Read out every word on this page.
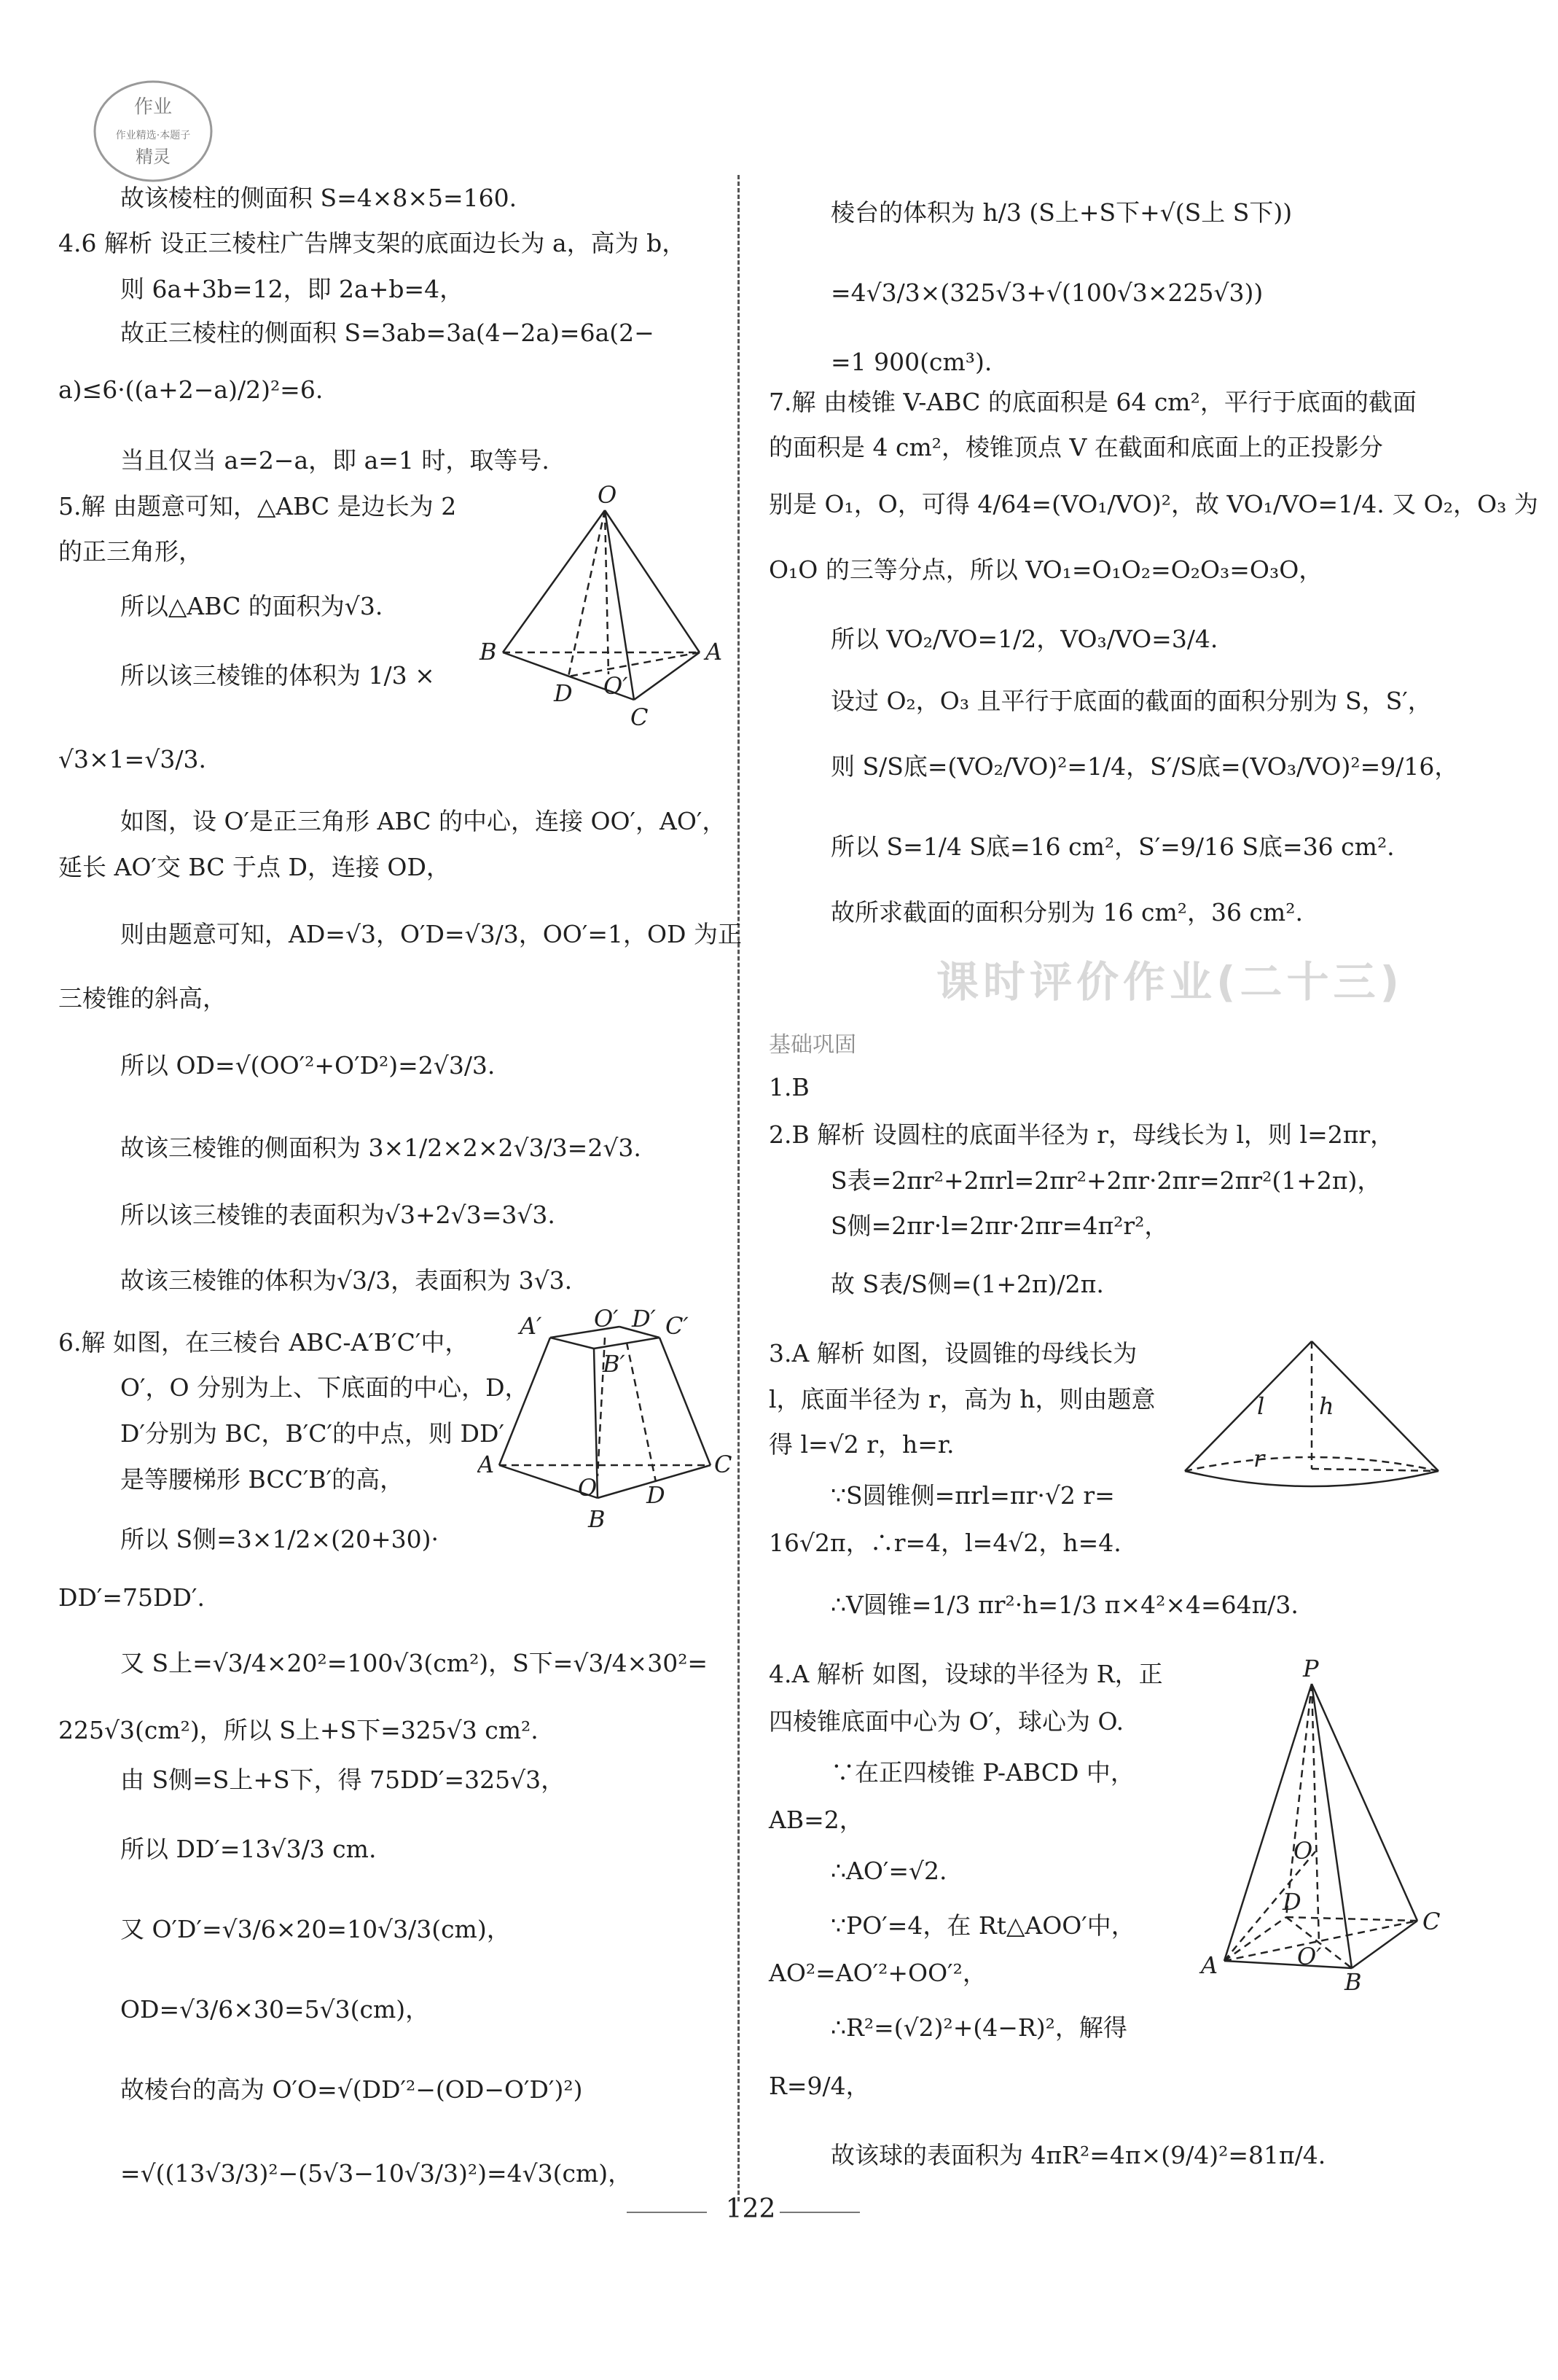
作业
作业精选·本题子
精灵
故该棱柱的侧面积 S=4×8×5=160.
4.6 解析 设正三棱柱广告牌支架的底面边长为 a，高为 b，
则 6a+3b=12，即 2a+b=4，
故正三棱柱的侧面积 S=3ab=3a(4−2a)=6a(2−
a)≤6·((a+2−a)/2)²=6.
当且仅当 a=2−a，即 a=1 时，取等号.
5.解 由题意可知，△ABC 是边长为 2
的正三角形，
所以△ABC 的面积为√3.
所以该三棱锥的体积为 1/3 ×
√3×1=√3/3.
如图，设 O′是正三角形 ABC 的中心，连接 OO′，AO′，
延长 AO′交 BC 于点 D，连接 OD，
则由题意可知，AD=√3，O′D=√3/3，OO′=1，OD 为正
三棱锥的斜高，
所以 OD=√(OO′²+O′D²)=2√3/3.
故该三棱锥的侧面积为 3×1/2×2×2√3/3=2√3.
所以该三棱锥的表面积为√3+2√3=3√3.
故该三棱锥的体积为√3/3，表面积为 3√3.
6.解 如图，在三棱台 ABC-A′B′C′中，
O′，O 分别为上、下底面的中心，D，
D′分别为 BC，B′C′的中点，则 DD′
是等腰梯形 BCC′B′的高，
所以 S侧=3×1/2×(20+30)·
DD′=75DD′.
又 S上=√3/4×20²=100√3(cm²)，S下=√3/4×30²=
225√3(cm²)，所以 S上+S下=325√3 cm².
由 S侧=S上+S下，得 75DD′=325√3，
所以 DD′=13√3/3 cm.
又 O′D′=√3/6×20=10√3/3(cm)，
OD=√3/6×30=5√3(cm)，
故棱台的高为 O′O=√(DD′²−(OD−O′D′)²)
=√((13√3/3)²−(5√3−10√3/3)²)=4√3(cm)，
O
B	A
D O′
C
A′ O′ D′ C′
B′
A
O
C
D
B
棱台的体积为 h/3 (S上+S下+√(S上 S下))
=4√3/3×(325√3+√(100√3×225√3))
=1 900(cm³).
7.解 由棱锥 V-ABC 的底面积是 64 cm²，平行于底面的截面
的面积是 4 cm²，棱锥顶点 V 在截面和底面上的正投影分
别是 O₁，O，可得 4/64=(VO₁/VO)²，故 VO₁/VO=1/4. 又 O₂，O₃ 为
O₁O 的三等分点，所以 VO₁=O₁O₂=O₂O₃=O₃O，
所以 VO₂/VO=1/2，VO₃/VO=3/4.
设过 O₂，O₃ 且平行于底面的截面的面积分别为 S，S′，
则 S/S底=(VO₂/VO)²=1/4，S′/S底=(VO₃/VO)²=9/16，
所以 S=1/4 S底=16 cm²，S′=9/16 S底=36 cm².
故所求截面的面积分别为 16 cm²，36 cm².
课时评价作业(二十三)
基础巩固
1.B
2.B 解析 设圆柱的底面半径为 r，母线长为 l，则 l=2πr，
S表=2πr²+2πrl=2πr²+2πr·2πr=2πr²(1+2π)，
S侧=2πr·l=2πr·2πr=4π²r²，
故 S表/S侧=(1+2π)/2π.
3.A 解析 如图，设圆锥的母线长为
l，底面半径为 r，高为 h，则由题意
得 l=√2 r，h=r.
∵S圆锥侧=πrl=πr·√2 r=
16√2π，∴r=4，l=4√2，h=4.
∴V圆锥=1/3 πr²·h=1/3 π×4²×4=64π/3.
4.A 解析 如图，设球的半径为 R，正
四棱锥底面中心为 O′，球心为 O.
∵在正四棱锥 P-ABCD 中，
AB=2，
∴AO′=√2.
∵PO′=4，在 Rt△AOO′中，
AO²=AO′²+OO′²，
∴R²=(√2)²+(4−R)²，解得
R=9/4，
故该球的表面积为 4πR²=4π×(9/4)²=81π/4.
l h
r
P
O
D
C
A	O′
B
122
